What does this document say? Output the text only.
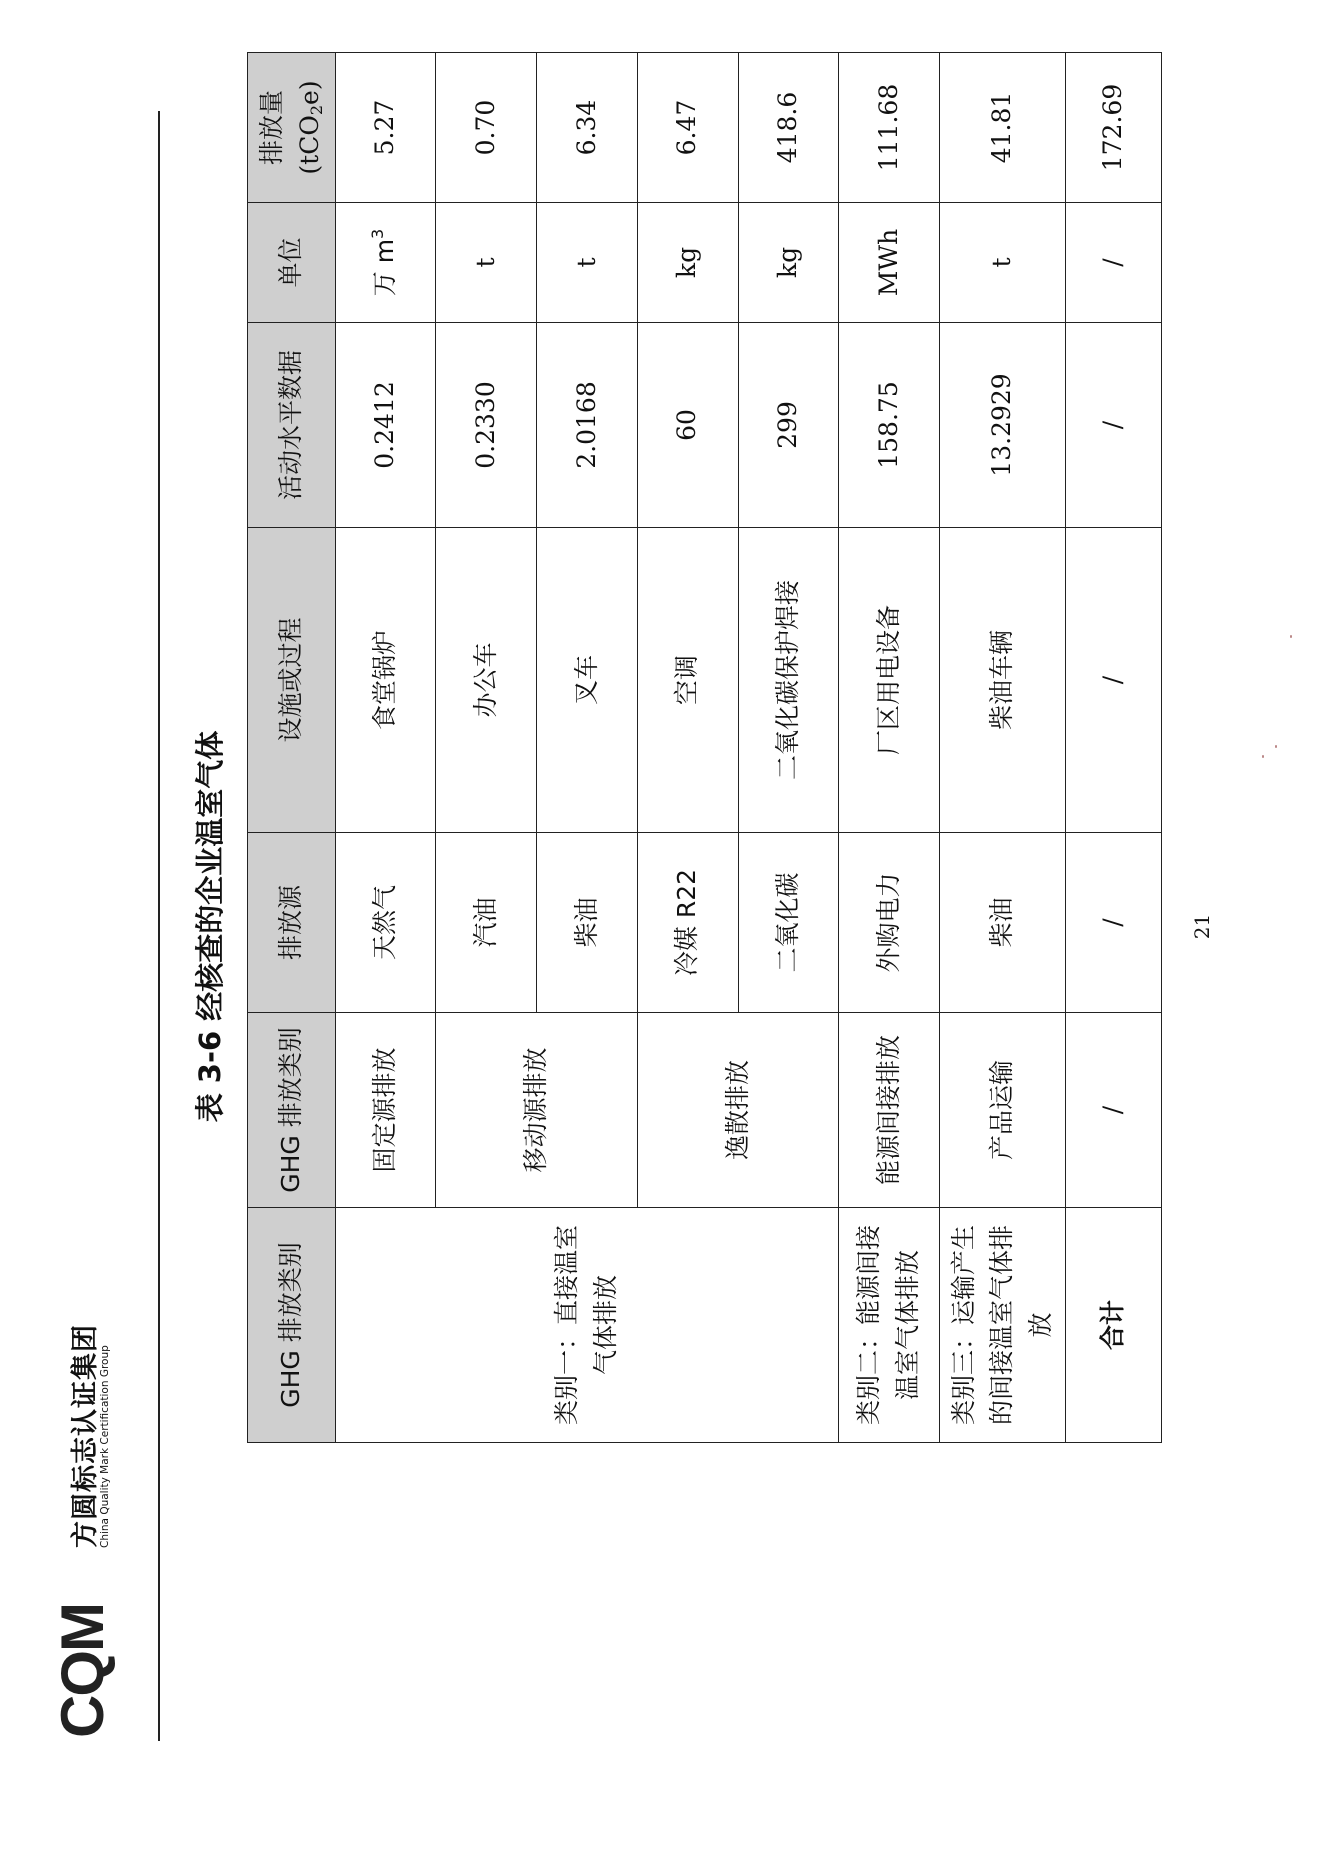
CQM
方圆标志认证集团
China Quality Mark Certification Group
表 3-6 经核查的企业温室气体
GHG 排放类别	GHG 排放类别	排放源	设施或过程	活动水平数据	单位	排放量 (tCO$_2$e)

类别一：直接温室气体排放	固定源排放	天然气	食堂锅炉	0.2412	万 $m^3$	5.27
	移动源排放	汽油	办公车	0.2330	t	0.70
		柴油	叉车	2.0168	t	6.34
	逸散排放	冷媒 R22	空调	60	kg	6.47
		二氧化碳	二氧化碳保护焊接	299	kg	418.6
类别二：能源间接温室气体排放	能源间接排放	外购电力	厂区用电设备	158.75	MWh	111.68
类别三：运输产生的间接温室气体排放	产品运输	柴油	柴油车辆	13.2929	t	41.81
合计	/	/	/	/	/	172.69
21
